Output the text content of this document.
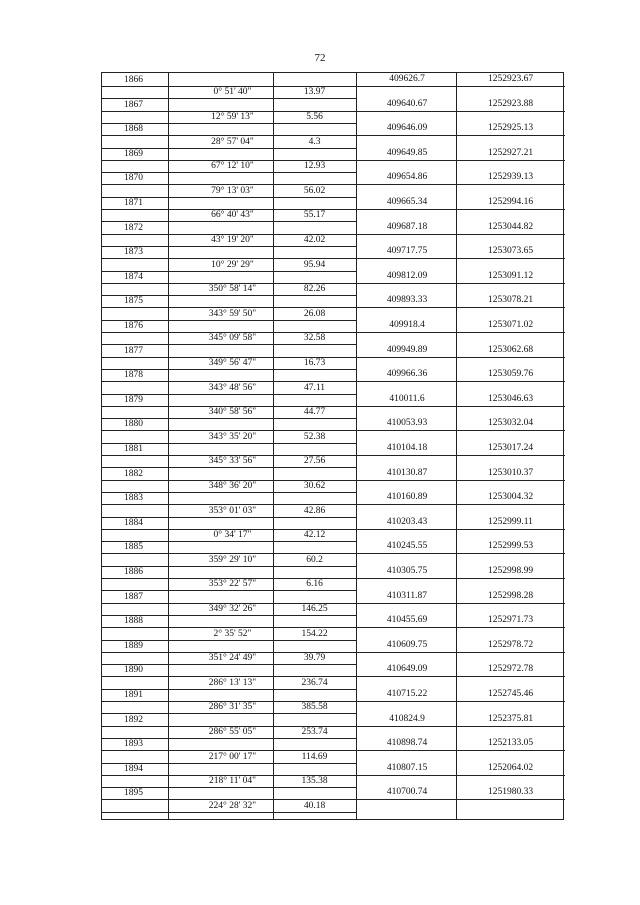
72
1866	409626.7	1252923.67
0° 51' 40"	13.97
1867	409640.67	1252923.88
12° 59' 13"	5.56
1868	409646.09	1252925.13
28° 57' 04"	4.3
1869	409649.85	1252927.21
67° 12' 10"	12.93
1870	409654.86	1252939.13
79° 13' 03"	56.02
1871	409665.34	1252994.16
66° 40' 43"	55.17
1872	409687.18	1253044.82
43° 19' 20"	42.02
1873	409717.75	1253073.65
10° 29' 29"	95.94
1874	409812.09	1253091.12
350° 58' 14"	82.26
1875	409893.33	1253078.21
343° 59' 50"	26.08
1876	409918.4	1253071.02
345° 09' 58"	32.58
1877	409949.89	1253062.68
349° 56' 47"	16.73
1878	409966.36	1253059.76
343° 48' 56"	47.11
1879	410011.6	1253046.63
340° 58' 56"	44.77
1880	410053.93	1253032.04
343° 35' 20"	52.38
1881	410104.18	1253017.24
345° 33' 56"	27.56
1882	410130.87	1253010.37
348° 36' 20"	30.62
1883	410160.89	1253004.32
353° 01' 03"	42.86
1884	410203.43	1252999.11
0° 34' 17"	42.12
1885	410245.55	1252999.53
359° 29' 10"	60.2
1886	410305.75	1252998.99
353° 22' 57"	6.16
1887	410311.87	1252998.28
349° 32' 26"	146.25
1888	410455.69	1252971.73
2° 35' 52"	154.22
1889	410609.75	1252978.72
351° 24' 49"	39.79
1890	410649.09	1252972.78
286° 13' 13"	236.74
1891	410715.22	1252745.46
286° 31' 35"	385.58
1892	410824.9	1252375.81
286° 55' 05"	253.74
1893	410898.74	1252133.05
217° 00' 17"	114.69
1894	410807.15	1252064.02
218° 11' 04"	135.38
1895	410700.74	1251980.33
224° 28' 32"	40.18
